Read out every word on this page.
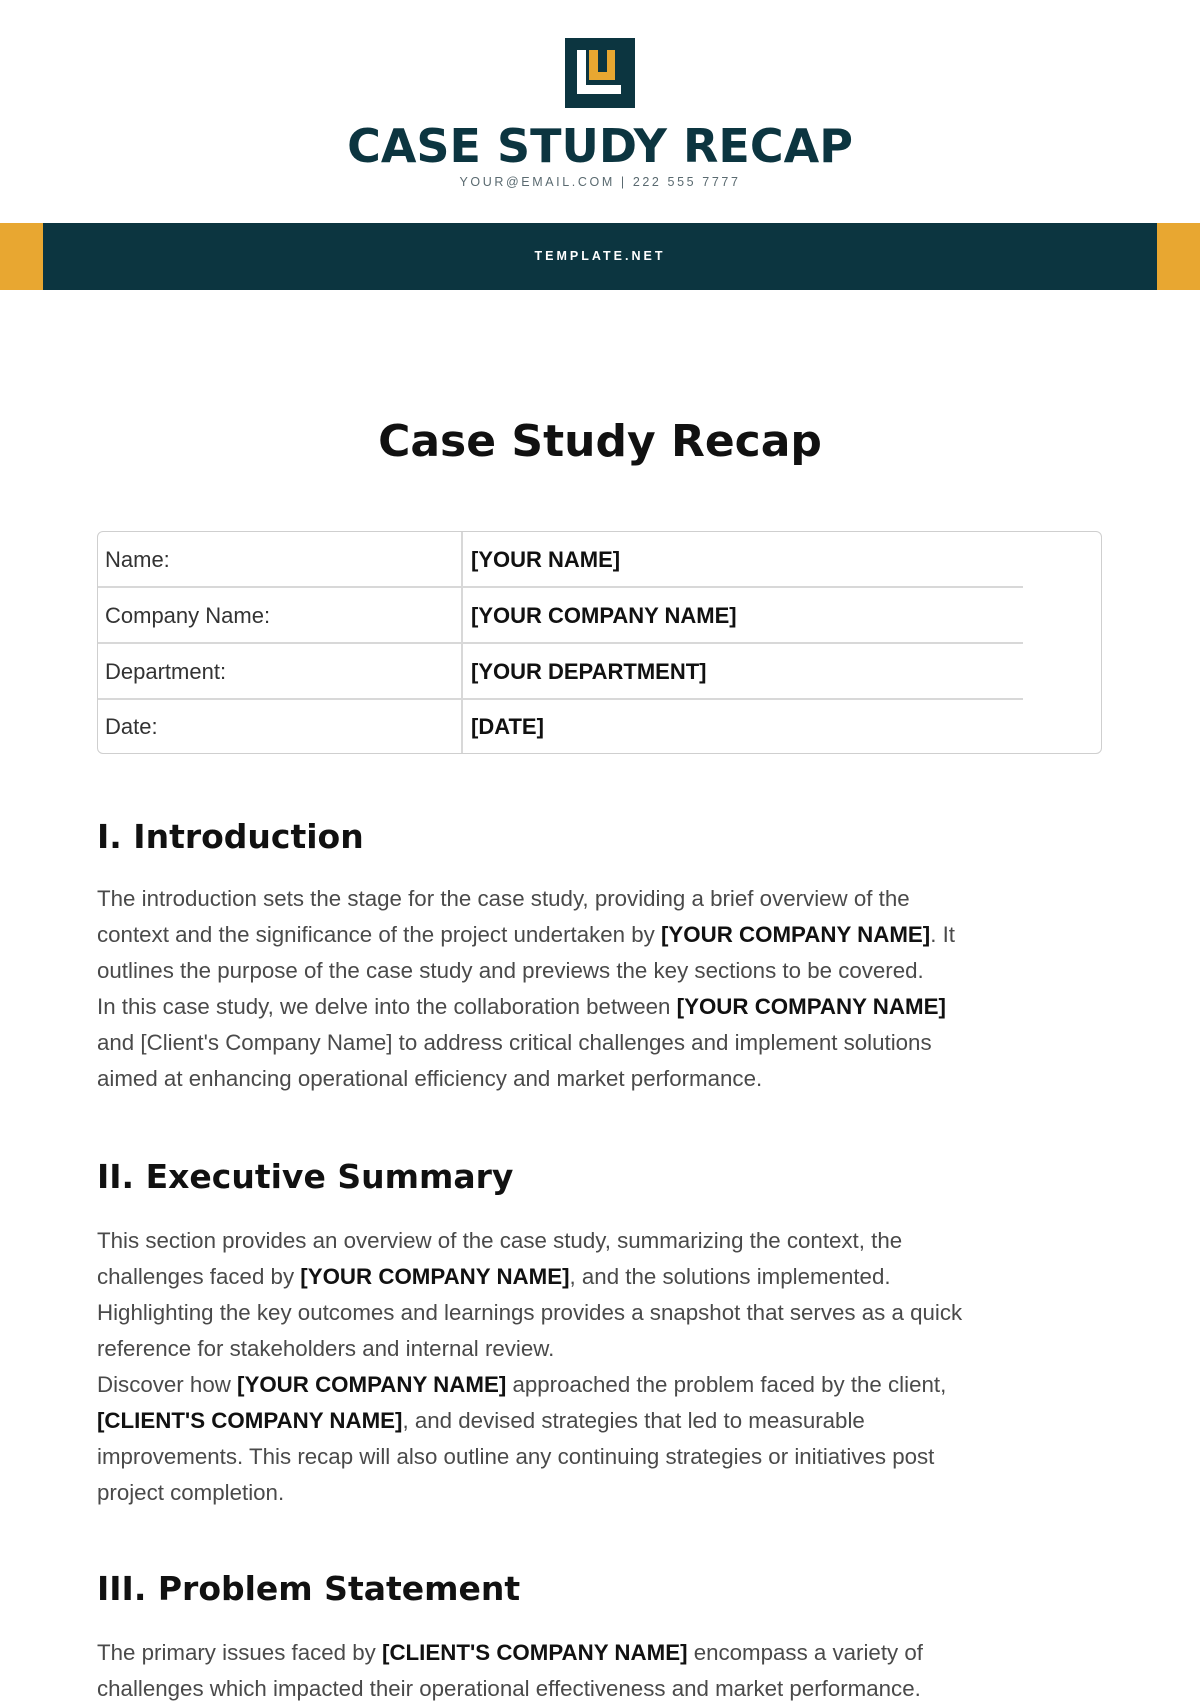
CASE STUDY RECAP
YOUR@EMAIL.COM | 222 555 7777
TEMPLATE.NET
Case Study Recap
Name:	[YOUR NAME]
Company Name:	[YOUR COMPANY NAME]
Department:	[YOUR DEPARTMENT]
Date:	[DATE]
I. Introduction
The introduction sets the stage for the case study, providing a brief overview of the
context and the significance of the project undertaken by [YOUR COMPANY NAME]. It
outlines the purpose of the case study and previews the key sections to be covered.
In this case study, we delve into the collaboration between [YOUR COMPANY NAME]
and [Client's Company Name] to address critical challenges and implement solutions
aimed at enhancing operational efficiency and market performance.
II. Executive Summary
This section provides an overview of the case study, summarizing the context, the
challenges faced by [YOUR COMPANY NAME], and the solutions implemented.
Highlighting the key outcomes and learnings provides a snapshot that serves as a quick
reference for stakeholders and internal review.
Discover how [YOUR COMPANY NAME] approached the problem faced by the client,
[CLIENT'S COMPANY NAME], and devised strategies that led to measurable
improvements. This recap will also outline any continuing strategies or initiatives post
project completion.
III. Problem Statement
The primary issues faced by [CLIENT'S COMPANY NAME] encompass a variety of
challenges which impacted their operational effectiveness and market performance.
